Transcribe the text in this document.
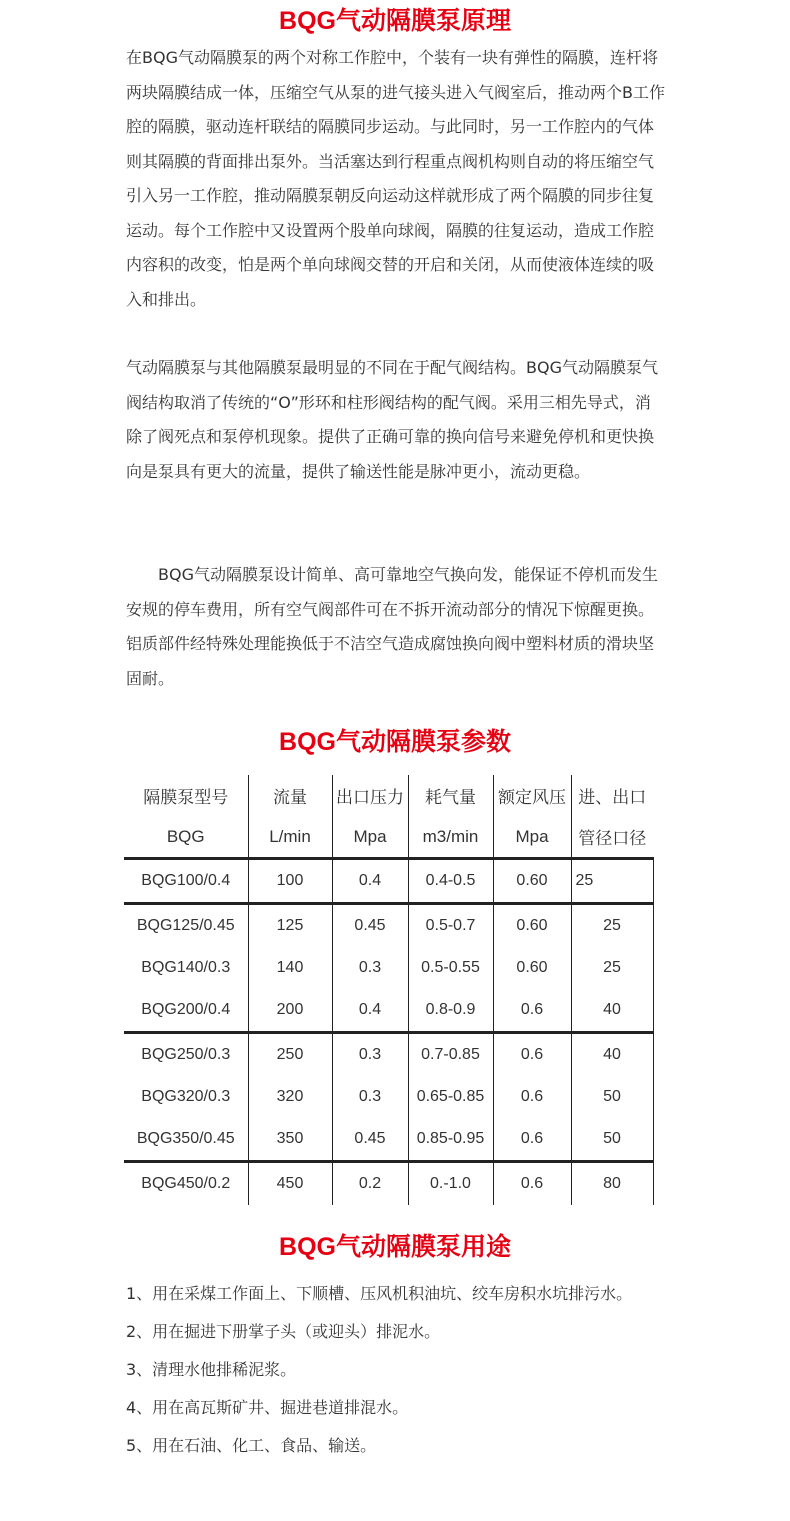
BQG气动隔膜泵原理

在BQG气动隔膜泵的两个对称工作腔中，个装有一块有弹性的隔膜，连杆将两块隔膜结成一体，压缩空气从泵的进气接头进入气阀室后，推动两个B工作腔的隔膜，驱动连杆联结的隔膜同步运动。与此同时，另一工作腔内的气体则其隔膜的背面排出泵外。当活塞达到行程重点阀机构则自动的将压缩空气引入另一工作腔，推动隔膜泵朝反向运动这样就形成了两个隔膜的同步往复运动。每个工作腔中又设置两个股单向球阀，隔膜的往复运动，造成工作腔内容积的改变，怕是两个单向球阀交替的开启和关闭，从而使液体连续的吸入和排出。

气动隔膜泵与其他隔膜泵最明显的不同在于配气阀结构。BQG气动隔膜泵气阀结构取消了传统的“O”形环和柱形阀结构的配气阀。采用三相先导式，消除了阀死点和泵停机现象。提供了正确可靠的换向信号来避免停机和更快换向是泵具有更大的流量，提供了输送性能是脉冲更小，流动更稳。

BQG气动隔膜泵设计简单、高可靠地空气换向发，能保证不停机而发生安规的停车费用，所有空气阀部件可在不拆开流动部分的情况下惊醒更换。铝质部件经特殊处理能换低于不洁空气造成腐蚀换向阀中塑料材质的滑块坚固耐。

BQG气动隔膜泵参数
隔膜泵型号	流量	出口压力	耗气量	额定风压	进、出口
BQG	L/min	Mpa	m3/min	Mpa	管径口径
BQG100/0.4	100	0.4	0.4-0.5	0.60	25
BQG125/0.45	125	0.45	0.5-0.7	0.60	25
BQG140/0.3	140	0.3	0.5-0.55	0.60	25
BQG200/0.4	200	0.4	0.8-0.9	0.6	40
BQG250/0.3	250	0.3	0.7-0.85	0.6	40
BQG320/0.3	320	0.3	0.65-0.85	0.6	50
BQG350/0.45	350	0.45	0.85-0.95	0.6	50
BQG450/0.2	450	0.2	0.-1.0	0.6	80
BQG气动隔膜泵用途
1、用在采煤工作面上、下顺槽、压风机积油坑、绞车房积水坑排污水。
2、用在掘进下册掌子头（或迎头）排泥水。
3、清理水他排稀泥浆。
4、用在高瓦斯矿井、掘进巷道排混水。
5、用在石油、化工、食品、输送。
